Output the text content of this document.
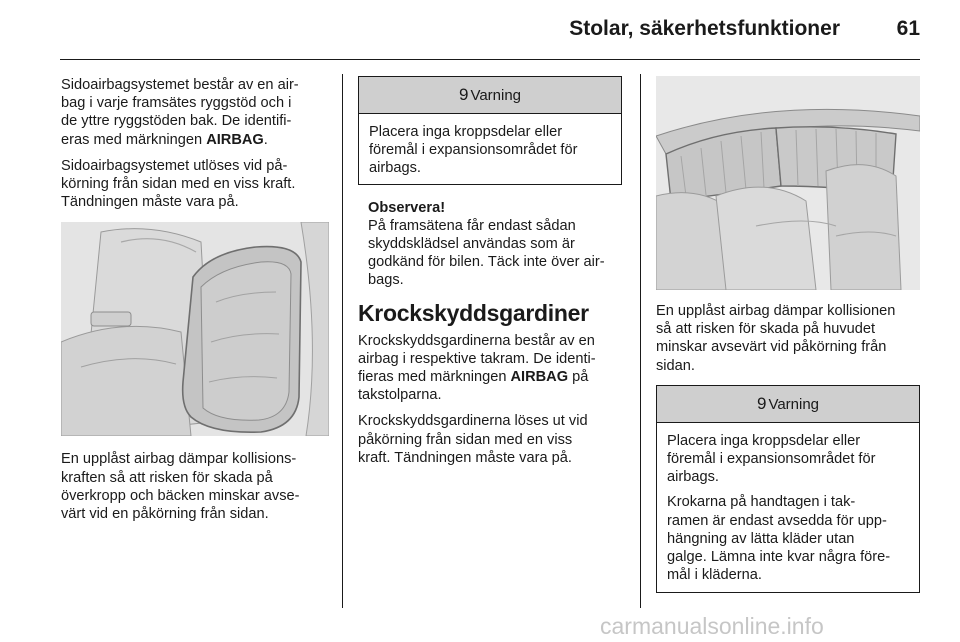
Stolar, säkerhetsfunktioner	61

Sidoairbagsystemet består av en air‐
bag i varje framsätes ryggstöd och i
de yttre ryggstöden bak. De identifi‐
eras med märkningen AIRBAG.

Sidoairbagsystemet utlöses vid på‐
körning från sidan med en viss kraft.
Tändningen måste vara på.

En upplåst airbag dämpar kollisions‐
kraften så att risken för skada på
överkropp och bäcken minskar avse‐
värt vid en påkörning från sidan.

9 Varning

Placera inga kroppsdelar eller
föremål i expansionsområdet för
airbags.

Observera!

På framsätena får endast sådan
skyddsklädsel användas som är
godkänd för bilen. Täck inte över air‐
bags.

Krockskyddsgardiner

Krockskyddsgardinerna består av en
airbag i respektive takram. De identi‐
fieras med märkningen AIRBAG på
takstolparna.

Krockskyddsgardinerna löses ut vid
påkörning från sidan med en viss
kraft. Tändningen måste vara på.

En upplåst airbag dämpar kollisionen
så att risken för skada på huvudet
minskar avsevärt vid påkörning från
sidan.

9 Varning

Placera inga kroppsdelar eller
föremål i expansionsområdet för
airbags.

Krokarna på handtagen i tak‐
ramen är endast avsedda för upp‐
hängning av lätta kläder utan
galge. Lämna inte kvar några före‐
mål i kläderna.

carmanualsonline.info
